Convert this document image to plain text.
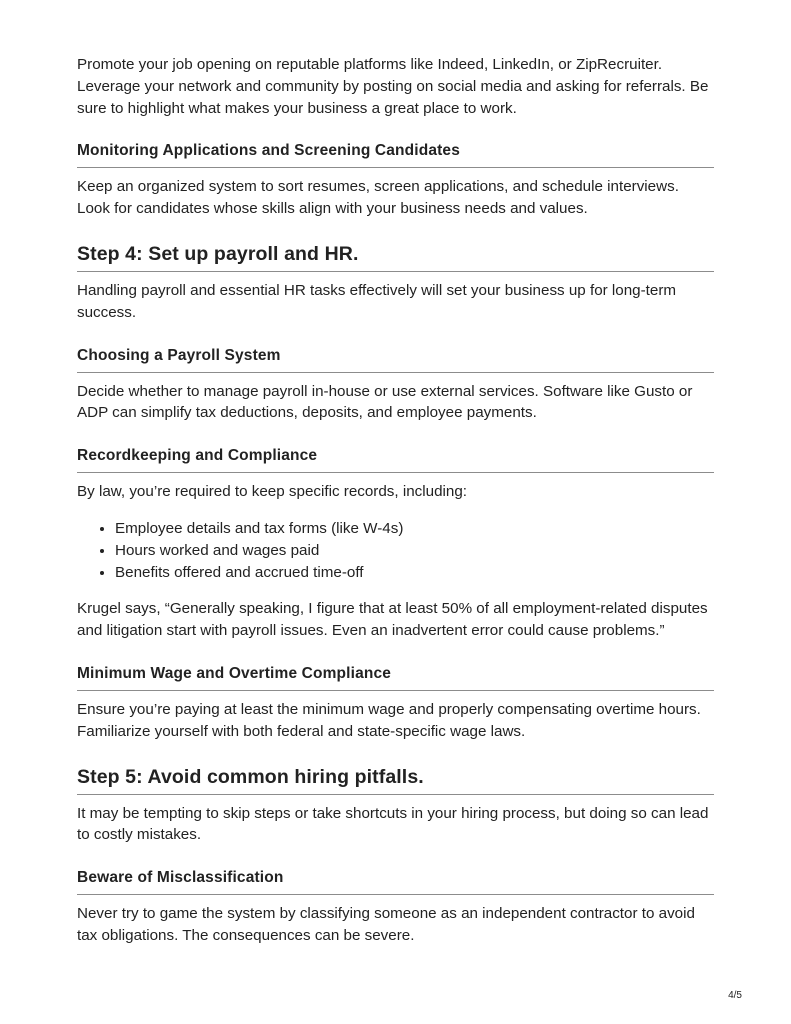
Promote your job opening on reputable platforms like Indeed, LinkedIn, or ZipRecruiter. Leverage your network and community by posting on social media and asking for referrals. Be sure to highlight what makes your business a great place to work.

Monitoring Applications and Screening Candidates

Keep an organized system to sort resumes, screen applications, and schedule interviews. Look for candidates whose skills align with your business needs and values.

Step 4: Set up payroll and HR.

Handling payroll and essential HR tasks effectively will set your business up for long-term success.

Choosing a Payroll System

Decide whether to manage payroll in-house or use external services. Software like Gusto or ADP can simplify tax deductions, deposits, and employee payments.

Recordkeeping and Compliance

By law, you’re required to keep specific records, including:

• Employee details and tax forms (like W-4s)
• Hours worked and wages paid
• Benefits offered and accrued time-off

Krugel says, “Generally speaking, I figure that at least 50% of all employment-related disputes and litigation start with payroll issues. Even an inadvertent error could cause problems.”

Minimum Wage and Overtime Compliance

Ensure you’re paying at least the minimum wage and properly compensating overtime hours. Familiarize yourself with both federal and state-specific wage laws.

Step 5: Avoid common hiring pitfalls.

It may be tempting to skip steps or take shortcuts in your hiring process, but doing so can lead to costly mistakes.

Beware of Misclassification

Never try to game the system by classifying someone as an independent contractor to avoid tax obligations. The consequences can be severe.

4/5
